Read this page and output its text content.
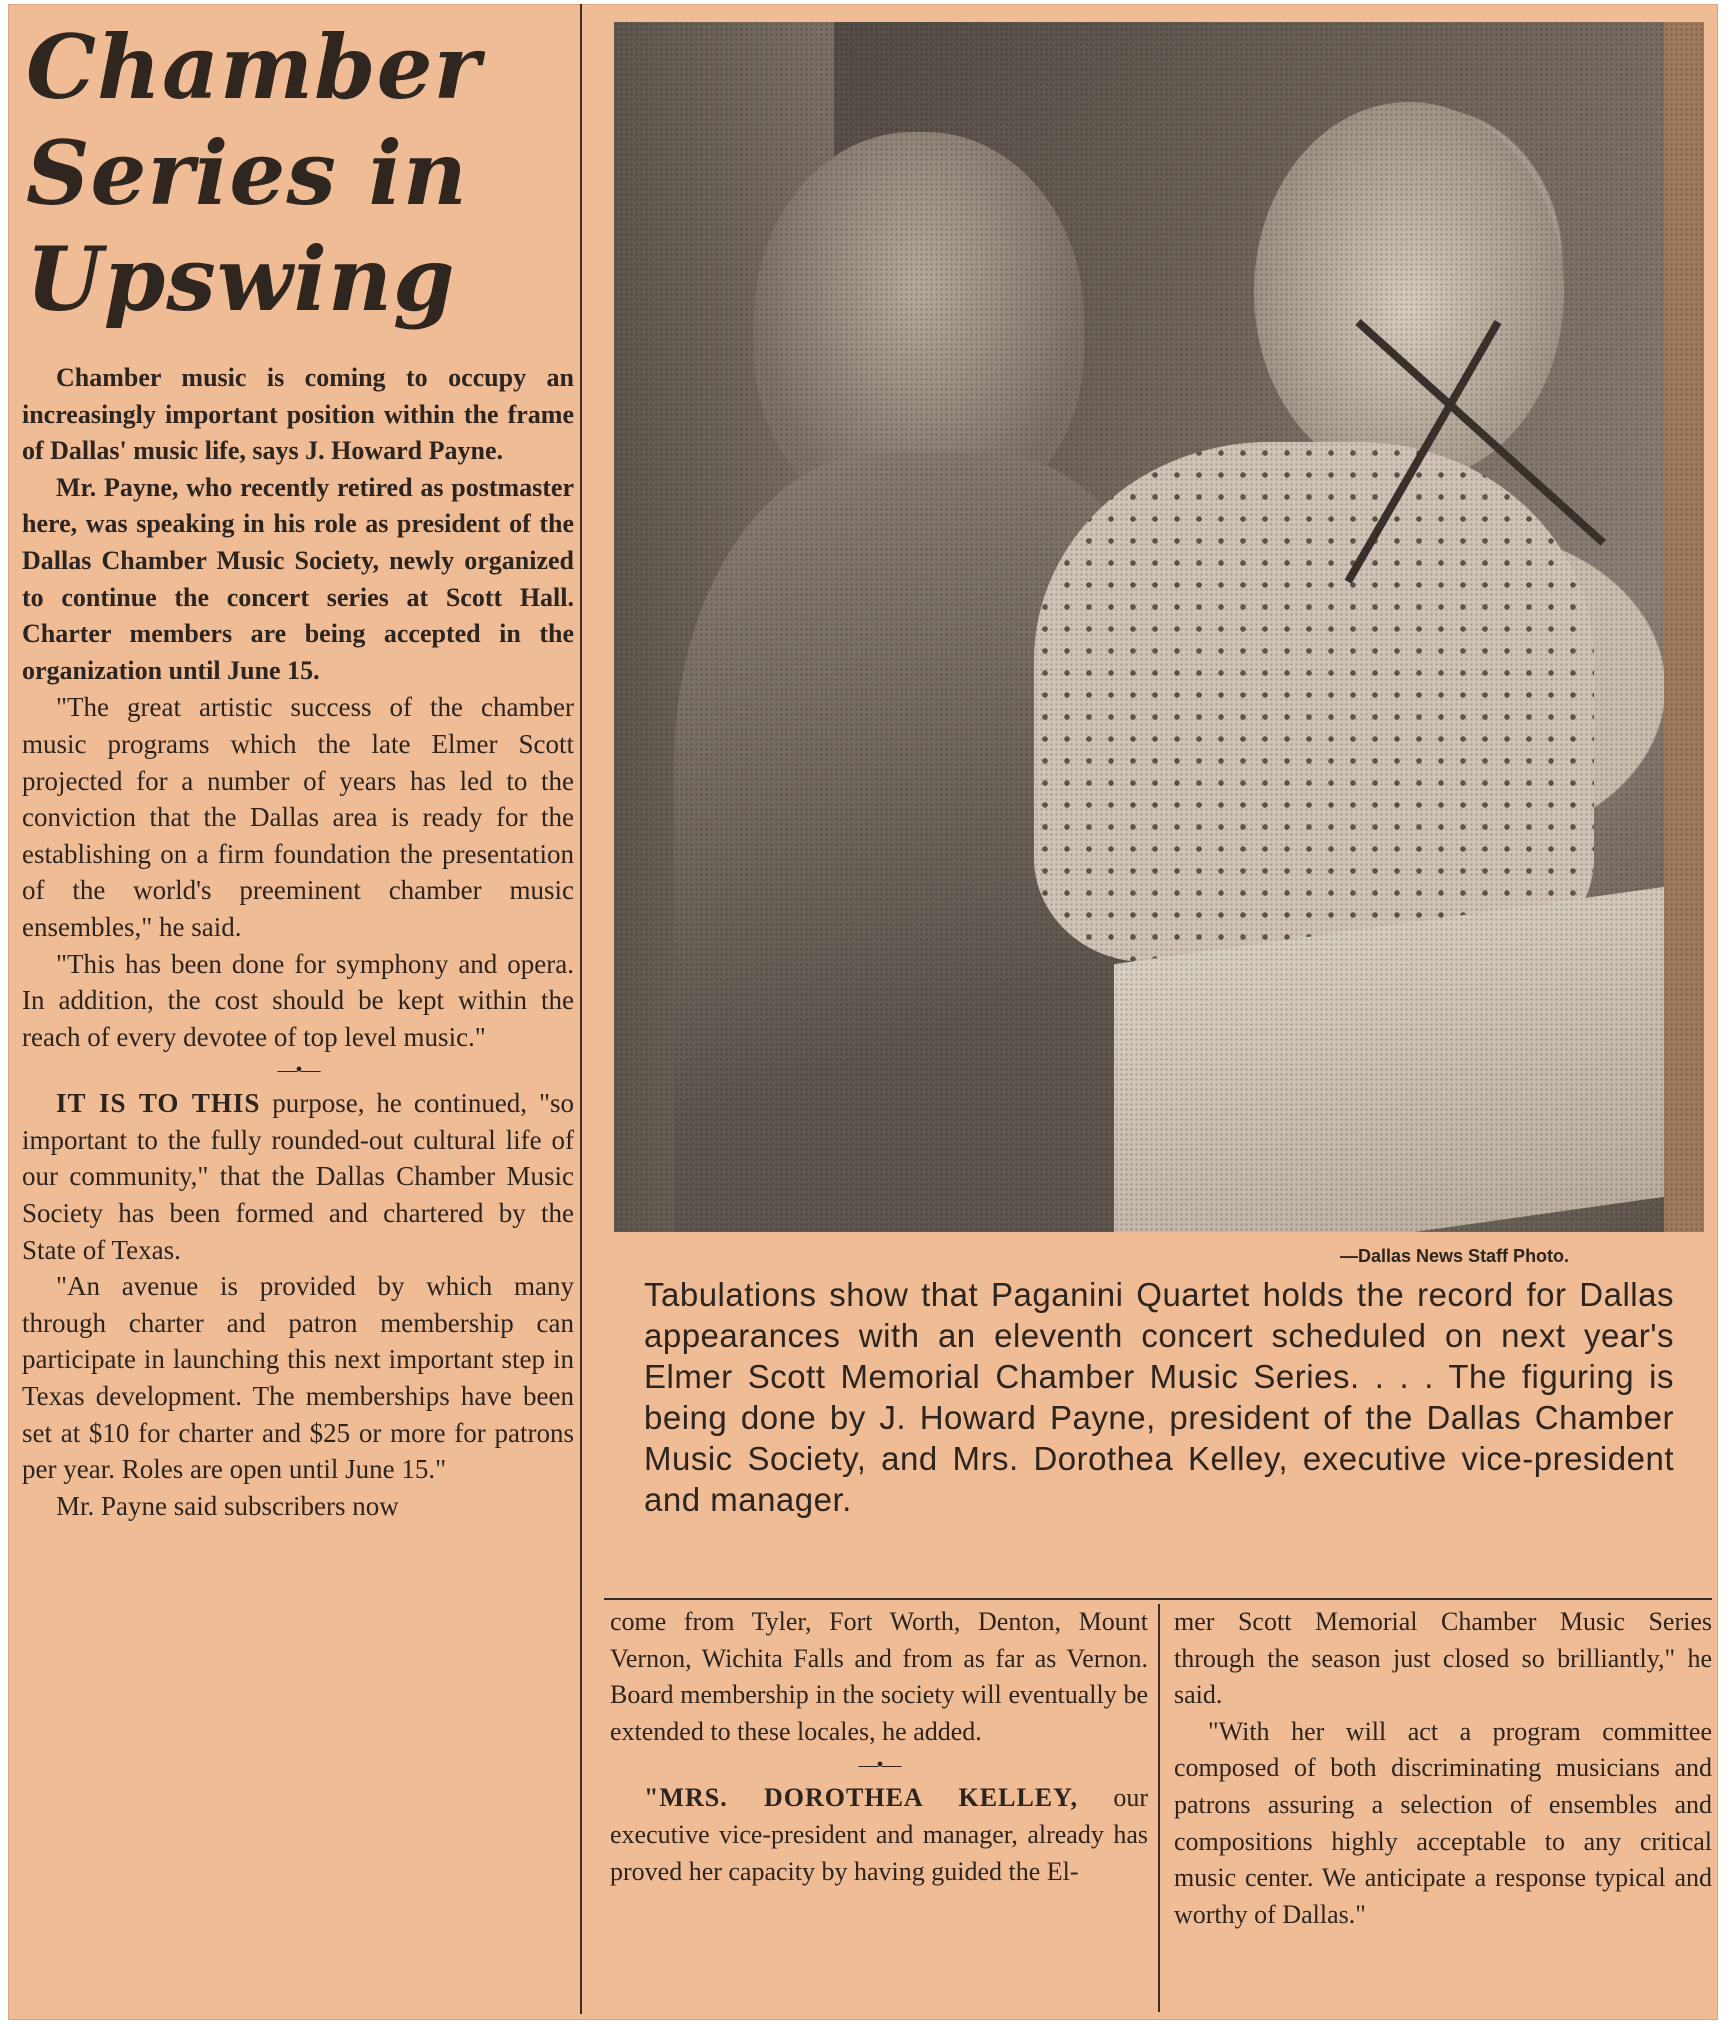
Chamber
Series in
Upswing

Chamber music is coming to occupy an increasingly important position within the frame of Dallas' music life, says J. Howard Payne.

Mr. Payne, who recently retired as postmaster here, was speaking in his role as president of the Dallas Chamber Music Society, newly organized to continue the concert series at Scott Hall. Charter members are being accepted in the organization until June 15.

"The great artistic success of the chamber music programs which the late Elmer Scott projected for a number of years has led to the conviction that the Dallas area is ready for the establishing on a firm foundation the presentation of the world's preeminent chamber music ensembles," he said.

"This has been done for symphony and opera. In addition, the cost should be kept within the reach of every devotee of top level music."

—•—

IT IS TO THIS purpose, he continued, "so important to the fully rounded-out cultural life of our community," that the Dallas Chamber Music Society has been formed and chartered by the State of Texas.

"An avenue is provided by which many through charter and patron membership can participate in launching this next important step in Texas development. The memberships have been set at $10 for charter and $25 or more for patrons per year. Roles are open until June 15."

Mr. Payne said subscribers now

—Dallas News Staff Photo.
Tabulations show that Paganini Quartet holds the record for Dallas appearances with an eleventh concert scheduled on next year's Elmer Scott Memorial Chamber Music Series. . . . The figuring is being done by J. Howard Payne, president of the Dallas Chamber Music Society, and Mrs. Dorothea Kelley, executive vice-president and manager.

come from Tyler, Fort Worth, Denton, Mount Vernon, Wichita Falls and from as far as Vernon. Board membership in the society will eventually be extended to these locales, he added.

—•—

"MRS. DOROTHEA KELLEY, our executive vice-president and manager, already has proved her capacity by having guided the El-

mer Scott Memorial Chamber Music Series through the season just closed so brilliantly," he said.

"With her will act a program committee composed of both discriminating musicians and patrons assuring a selection of ensembles and compositions highly acceptable to any critical music center. We anticipate a response typical and worthy of Dallas."
